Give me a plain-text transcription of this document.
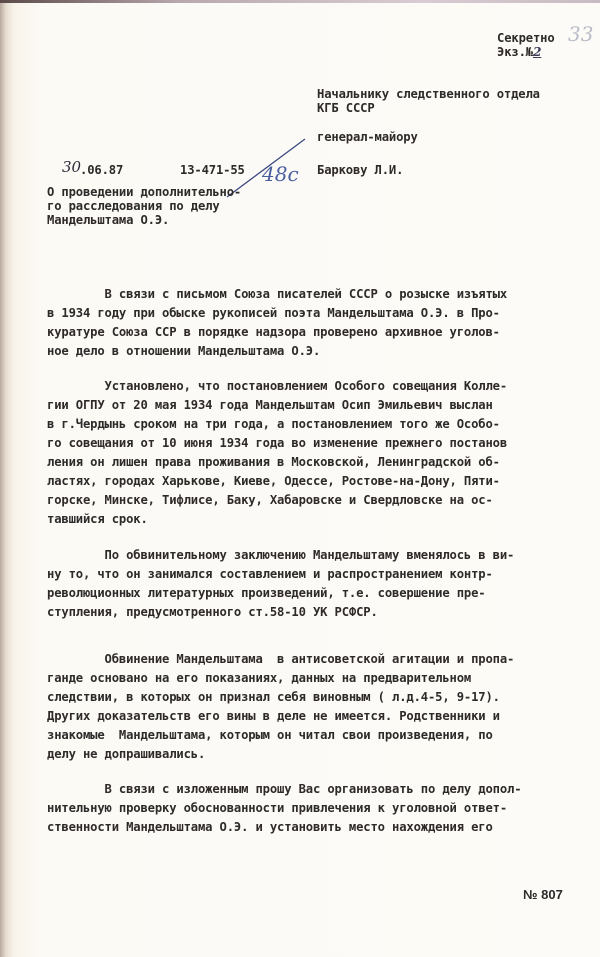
Секретно
Экз.№2
33
Начальнику следственного отдела
КГБ СССР
генерал-майору
Баркову Л.И.
30
.06.87	13-471-55 48с
О проведении дополнительно-
го расследования по делу
Мандельштама О.Э.
В связи с письмом Союза писателей СССР о розыске изъятых
в 1934 году при обыске рукописей поэта Мандельштама О.Э. в Про-
куратуре Союза ССР в порядке надзора проверено архивное уголов-
ное дело в отношении Мандельштама О.Э.
Установлено, что постановлением Особого совещания Колле-
гии ОГПУ от 20 мая 1934 года Мандельштам Осип Эмильевич выслан
в г.Чердынь сроком на три года, а постановлением того же Особо-
го совещания от 10 июня 1934 года во изменение прежнего постанов
ления он лишен права проживания в Московской, Ленинградской об-
ластях, городах Харькове, Киеве, Одессе, Ростове-на-Дону, Пяти-
горске, Минске, Тифлисе, Баку, Хабаровске и Свердловске на ос-
тавшийся срок.
По обвинительному заключению Мандельштаму вменялось в ви-
ну то, что он занимался составлением и распространением контр-
революционных литературных произведений, т.е. совершение пре-
ступления, предусмотренного ст.58-10 УК РСФСР.
Обвинение Мандельштама  в антисоветской агитации и пропа-
ганде основано на его показаниях, данных на предварительном
следствии, в которых он признал себя виновным ( л.д.4-5, 9-17).
Других доказательств его вины в деле не имеется. Родственники и
знакомые  Мандельштама, которым он читал свои произведения, по
делу не допрашивались.
В связи с изложенным прошу Вас организовать по делу допол-
нительную проверку обоснованности привлечения к уголовной ответ-
ственности Мандельштама О.Э. и установить место нахождения его
№ 807
